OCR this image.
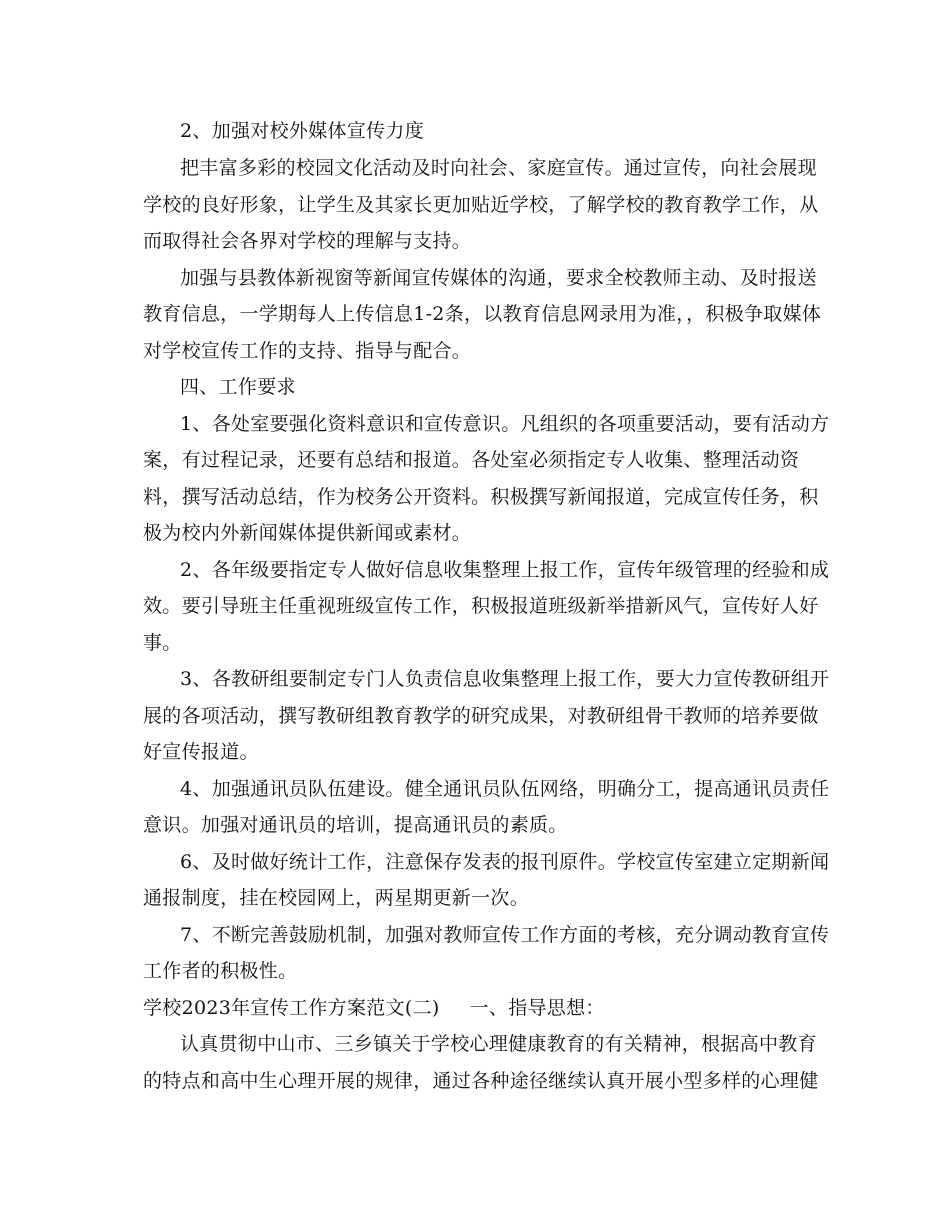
2、加强对校外媒体宣传力度
把丰富多彩的校园文化活动及时向社会、家庭宣传。通过宣传，向社会展现
学校的良好形象，让学生及其家长更加贴近学校，了解学校的教育教学工作，从
而取得社会各界对学校的理解与支持。
加强与县教体新视窗等新闻宣传媒体的沟通，要求全校教师主动、及时报送
教育信息，一学期每人上传信息1-2条，以教育信息网录用为准，，积极争取媒体
对学校宣传工作的支持、指导与配合。
四、工作要求
1、各处室要强化资料意识和宣传意识。凡组织的各项重要活动，要有活动方
案，有过程记录，还要有总结和报道。各处室必须指定专人收集、整理活动资
料，撰写活动总结，作为校务公开资料。积极撰写新闻报道，完成宣传任务，积
极为校内外新闻媒体提供新闻或素材。
2、各年级要指定专人做好信息收集整理上报工作，宣传年级管理的经验和成
效。要引导班主任重视班级宣传工作，积极报道班级新举措新风气，宣传好人好
事。
3、各教研组要制定专门人负责信息收集整理上报工作，要大力宣传教研组开
展的各项活动，撰写教研组教育教学的研究成果，对教研组骨干教师的培养要做
好宣传报道。
4、加强通讯员队伍建设。健全通讯员队伍网络，明确分工，提高通讯员责任
意识。加强对通讯员的培训，提高通讯员的素质。
6、及时做好统计工作，注意保存发表的报刊原件。学校宣传室建立定期新闻
通报制度，挂在校园网上，两星期更新一次。
7、不断完善鼓励机制，加强对教师宣传工作方面的考核，充分调动教育宣传
工作者的积极性。
学校2023年宣传工作方案范文(二) 一、指导思想：
认真贯彻中山市、三乡镇关于学校心理健康教育的有关精神，根据高中教育
的特点和高中生心理开展的规律，通过各种途径继续认真开展小型多样的心理健
